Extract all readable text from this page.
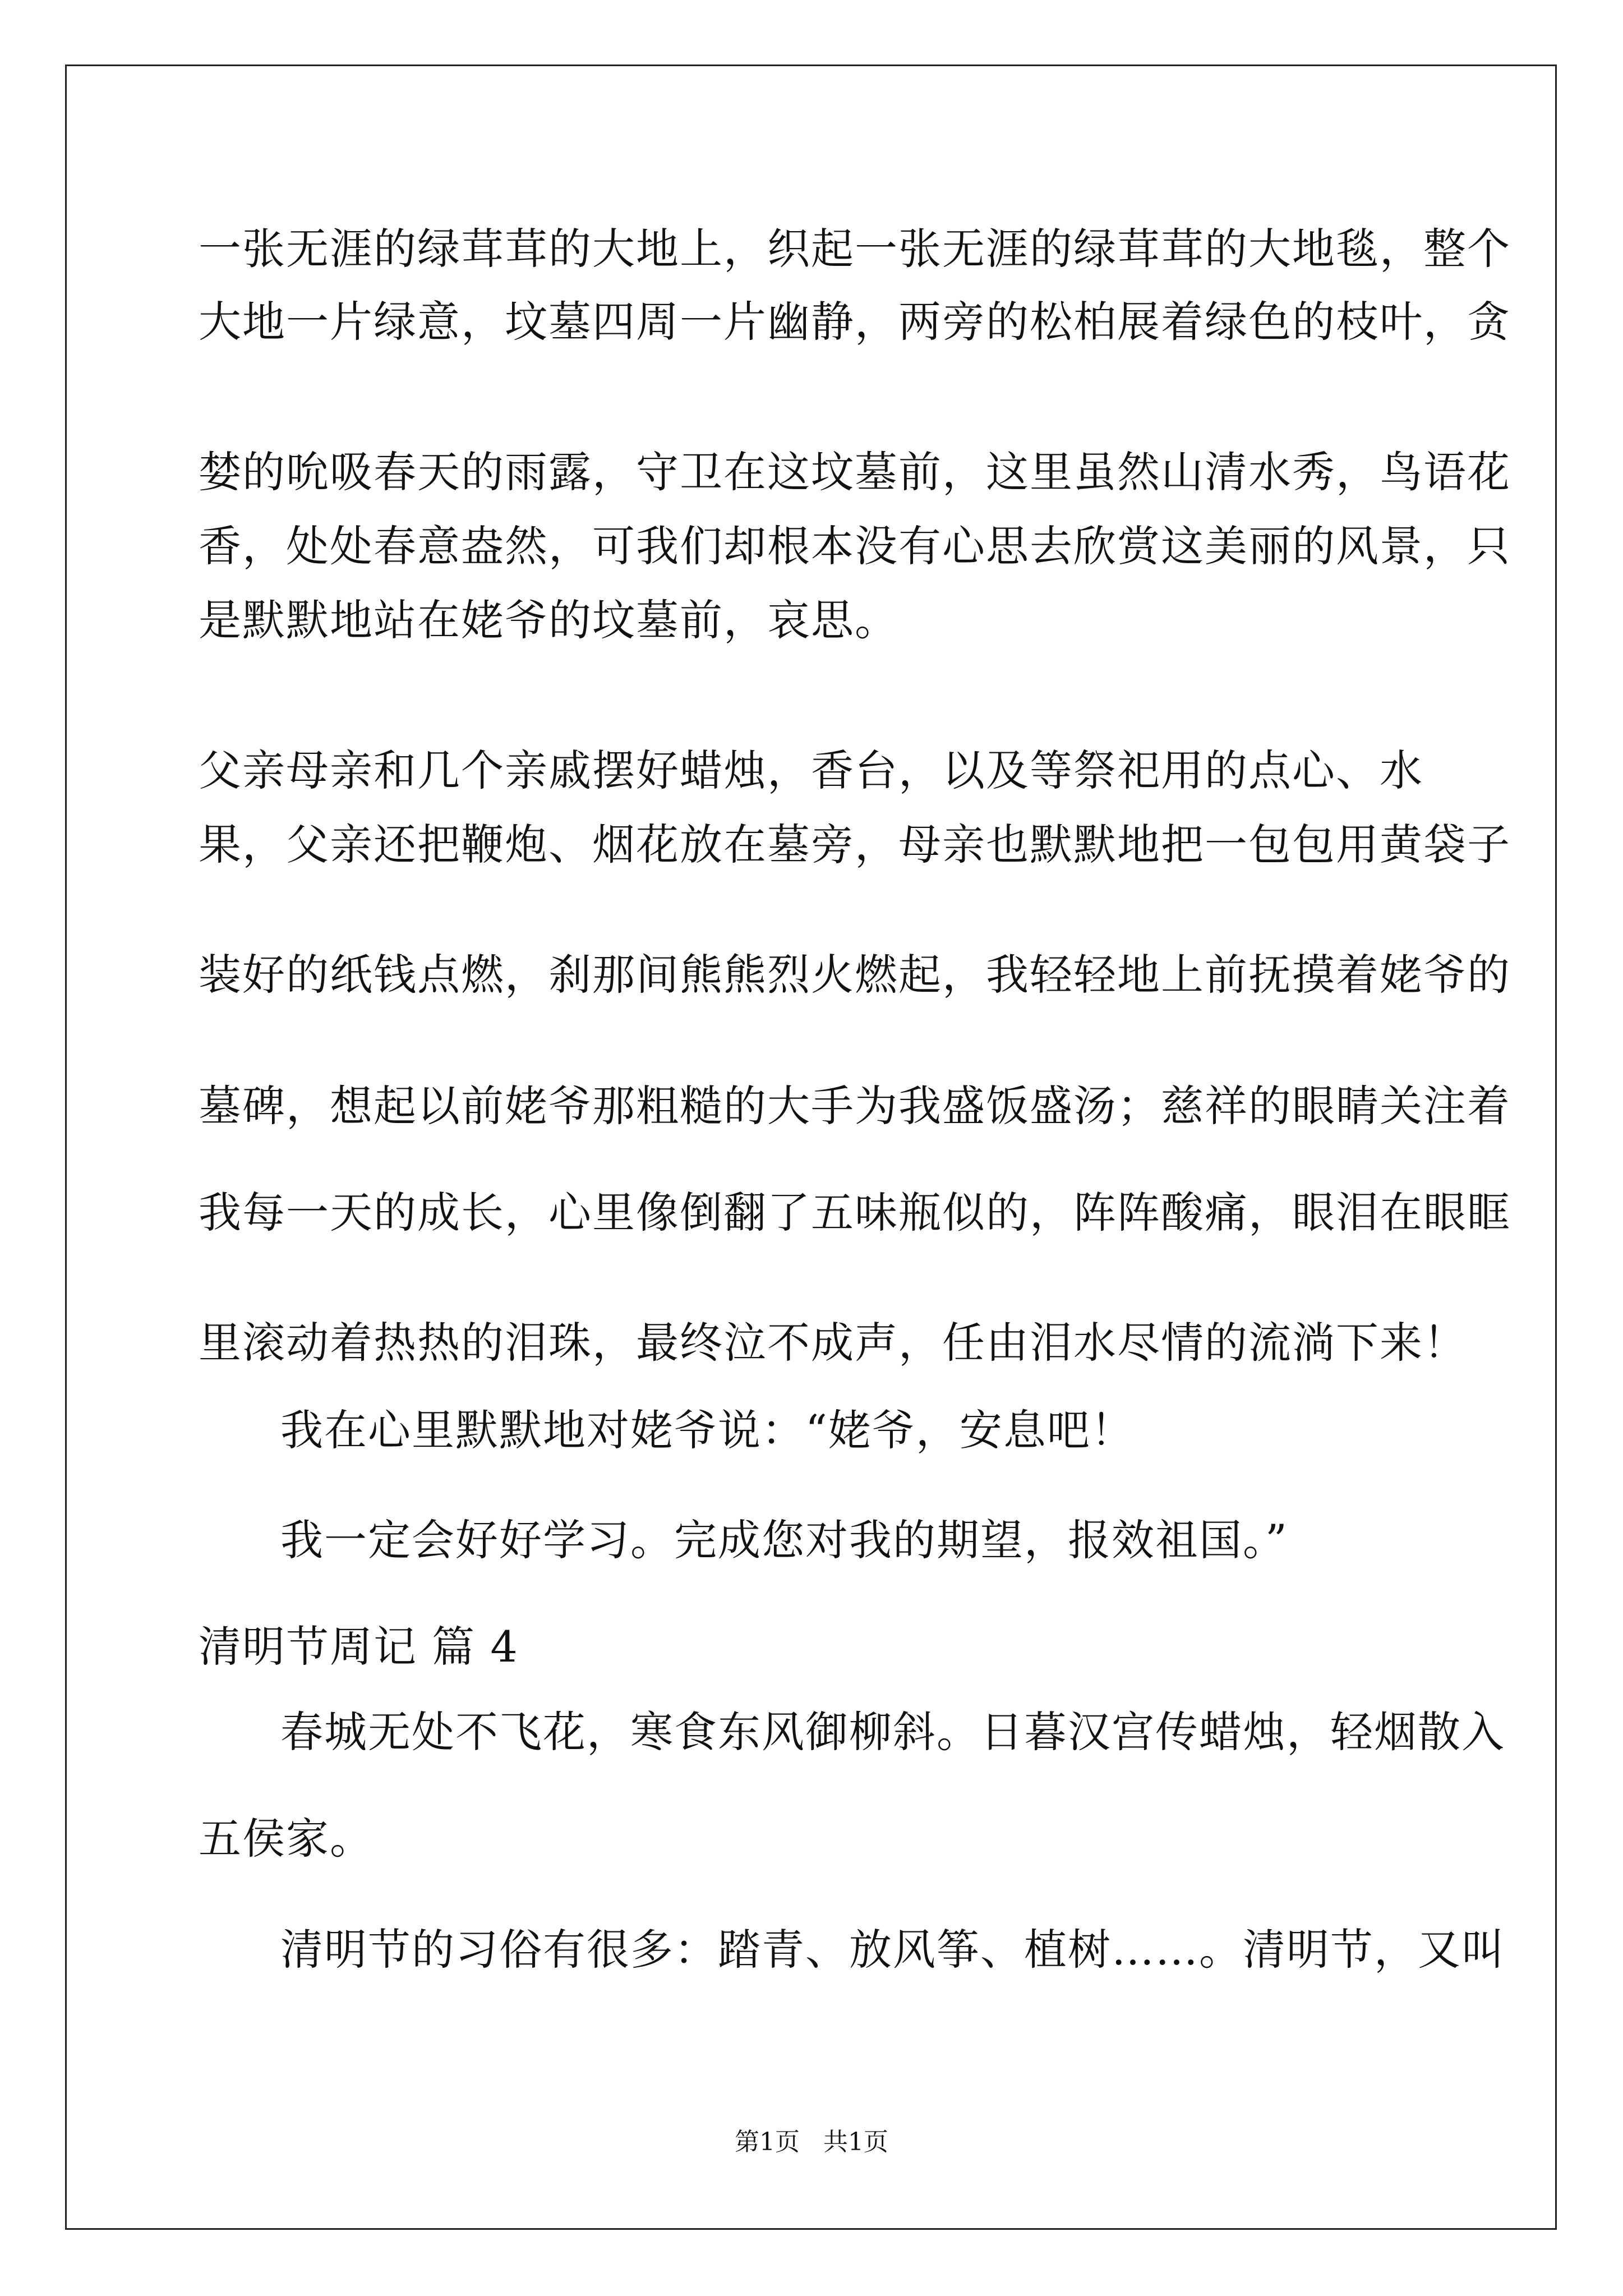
一张无涯的绿茸茸的大地上，织起一张无涯的绿茸茸的大地毯，整个
大地一片绿意，坟墓四周一片幽静，两旁的松柏展着绿色的枝叶，贪
婪的吮吸春天的雨露，守卫在这坟墓前，这里虽然山清水秀，鸟语花
香，处处春意盎然，可我们却根本没有心思去欣赏这美丽的风景，只
是默默地站在姥爷的坟墓前，哀思。
父亲母亲和几个亲戚摆好蜡烛，香台，以及等祭祀用的点心、水
果，父亲还把鞭炮、烟花放在墓旁，母亲也默默地把一包包用黄袋子
装好的纸钱点燃，刹那间熊熊烈火燃起，我轻轻地上前抚摸着姥爷的
墓碑，想起以前姥爷那粗糙的大手为我盛饭盛汤；慈祥的眼睛关注着
我每一天的成长，心里像倒翻了五味瓶似的，阵阵酸痛，眼泪在眼眶
里滚动着热热的泪珠，最终泣不成声，任由泪水尽情的流淌下来！
我在心里默默地对姥爷说：“姥爷，安息吧！
我一定会好好学习。完成您对我的期望，报效祖国。”
清明节周记 篇 4
春城无处不飞花，寒食东风御柳斜。日暮汉宫传蜡烛，轻烟散入
五侯家。
清明节的习俗有很多：踏青、放风筝、植树……。清明节，又叫
第1页   共1页
